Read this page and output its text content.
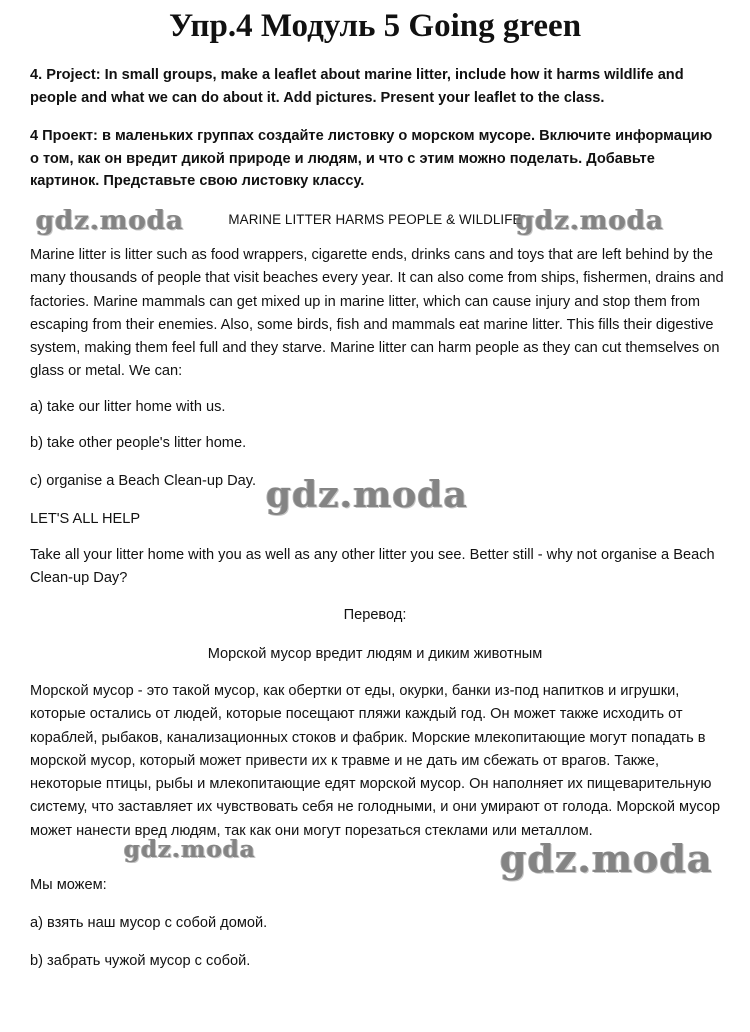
Упр.4 Модуль 5 Going green

4. Project: In small groups, make a leaflet about marine litter, include how it harms wildlife and people and what we can do about it. Add pictures. Present your leaflet to the class.

4 Проект: в маленьких группах создайте листовку о морском мусоре. Включите информацию о том, как он вредит дикой природе и людям, и что с этим можно поделать. Добавьте картинок. Представьте свою листовку классу.

MARINE LITTER HARMS PEOPLE & WILDLIFE

Marine litter is litter such as food wrappers, cigarette ends, drinks cans and toys that are left behind by the many thousands of people that visit beaches every year. It can also come from ships, fishermen, drains and factories. Marine mammals can get mixed up in marine litter, which can cause injury and stop them from escaping from their enemies. Also, some birds, fish and mammals eat marine litter. This fills their digestive system, making them feel full and they starve. Marine litter can harm people as they can cut themselves on glass or metal. We can:

a) take our litter home with us.

b) take other people's litter home.

c) organise a Beach Clean-up Day.

LET'S ALL HELP

Take all your litter home with you as well as any other litter you see. Better still - why not organise a Beach Clean-up Day?

Перевод:

Морской мусор вредит людям и диким животным

Морской мусор - это такой мусор, как обертки от еды, окурки, банки из-под напитков и игрушки, которые остались от людей, которые посещают пляжи каждый год. Он может также исходить от кораблей, рыбаков, канализационных стоков и фабрик. Морские млекопитающие могут попадать в морской мусор, который может привести их к травме и не дать им сбежать от врагов. Также, некоторые птицы, рыбы и млекопитающие едят морской мусор. Он наполняет их пищеварительную систему, что заставляет их чувствовать себя не голодными, и они умирают от голода. Морской мусор может нанести вред людям, так как они могут порезаться стеклами или металлом.

Мы можем:

а) взять наш мусор с собой домой.

b) забрать чужой мусор с собой.

gdz.moda	gdz.moda
gdz.moda
gdz.moda	gdz.moda
